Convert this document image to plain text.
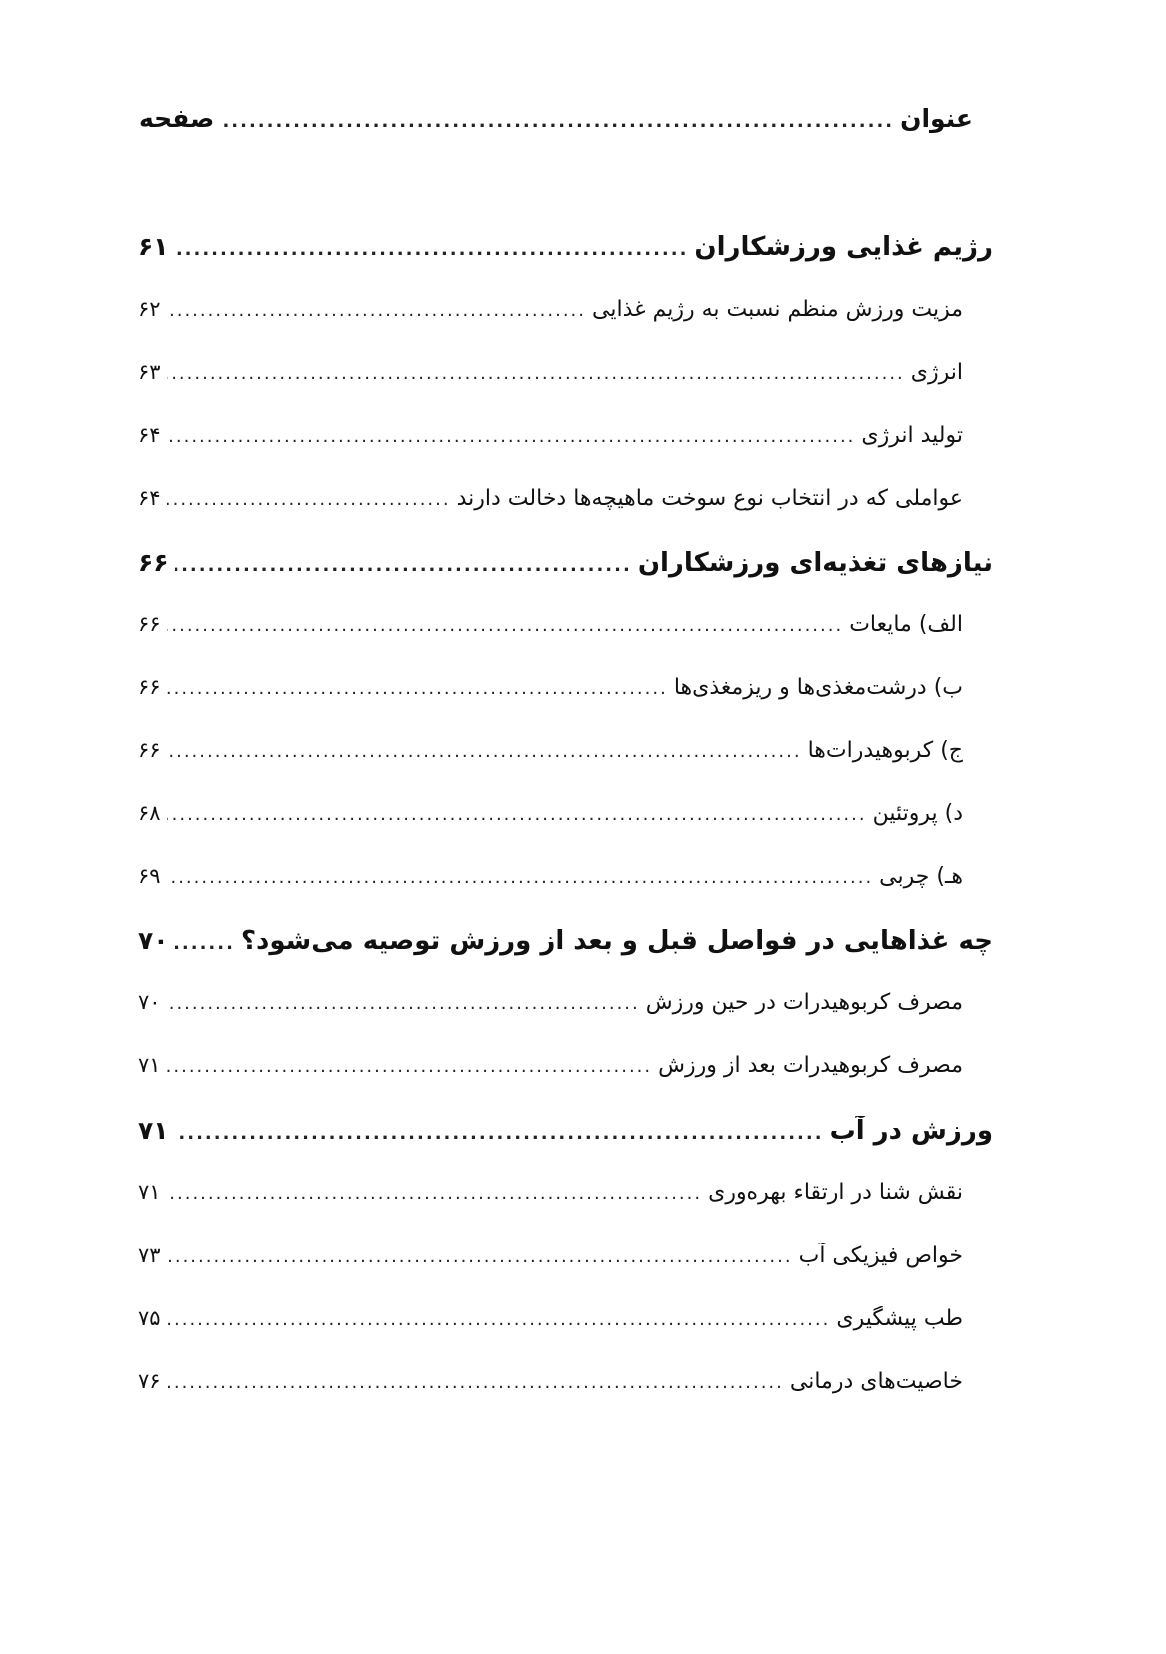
عنوان
.....
صفحه
رژیم غذایی ورزشکاران
.....
۶۱
مزیت ورزش منظم نسبت به رژیم غذایی
.....
۶۲
انرژی
.....
۶۳
تولید انرژی
.....
۶۴
عواملی که در انتخاب نوع سوخت ماهیچه‌ها دخالت دارند
.....
۶۴
نیازهای تغذیه‌ای ورزشکاران
.....
۶۶
الف) مایعات
.....
۶۶
ب) درشت‌مغذی‌ها و ریزمغذی‌ها
.....
۶۶
ج) کربوهیدرات‌ها
.....
۶۶
د) پروتئین
.....
۶۸
هـ) چربی
.....
۶۹
چه غذاهایی در فواصل قبل و بعد از ورزش توصیه می‌شود؟
.....
۷۰
مصرف کربوهیدرات در حین ورزش
.....
۷۰
مصرف کربوهیدرات بعد از ورزش
.....
۷۱
ورزش در آب
.....
۷۱
نقش شنا در ارتقاء بهره‌وری
.....
۷۱
خواص فیزیکی آب
.....
۷۳
طب پیشگیری
.....
۷۵
خاصیت‌های درمانی
.....
۷۶
